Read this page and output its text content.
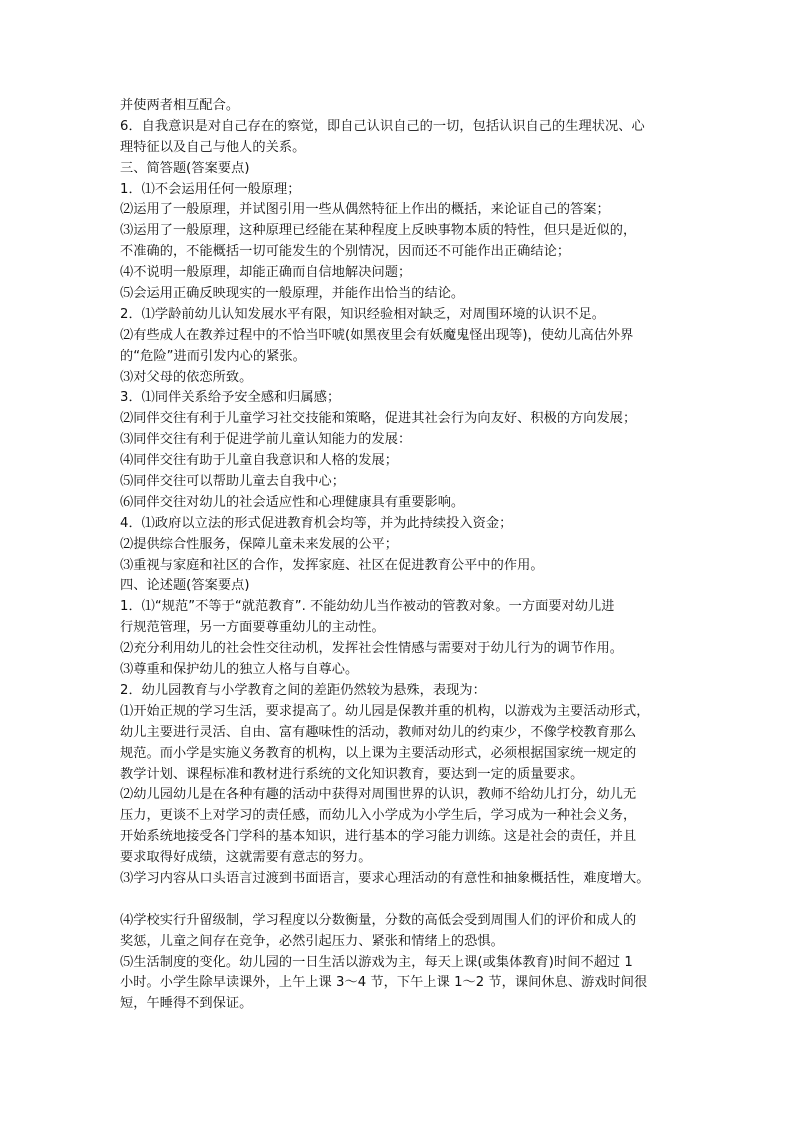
并使两者相互配合。
6．自我意识是对自己存在的察觉，即自己认识自己的一切，包括认识自己的生理状况、心
理特征以及自己与他人的关系。
三、简答题(答案要点)
1．⑴不会运用任何一般原理；
⑵运用了一般原理，并试图引用一些从偶然特征上作出的概括，来论证自己的答案；
⑶运用了一般原理，这种原理已经能在某种程度上反映事物本质的特性，但只是近似的，
不准确的，不能概括一切可能发生的个别情况，因而还不可能作出正确结论；
⑷不说明一般原理，却能正确而自信地解决问题；
⑸会运用正确反映现实的一般原理，并能作出恰当的结论。
2．⑴学龄前幼儿认知发展水平有限，知识经验相对缺乏，对周围环境的认识不足。
⑵有些成人在教养过程中的不恰当吓唬(如黑夜里会有妖魔鬼怪出现等)，使幼儿高估外界
的“危险”进而引发内心的紧张。
⑶对父母的依恋所致。
3．⑴同伴关系给予安全感和归属感；
⑵同伴交往有利于儿童学习社交技能和策略，促进其社会行为向友好、积极的方向发展；
⑶同伴交往有利于促进学前儿童认知能力的发展：
⑷同伴交往有助于儿童自我意识和人格的发展；
⑸同伴交往可以帮助儿童去自我中心；
⑹同伴交往对幼儿的社会适应性和心理健康具有重要影响。
4．⑴政府以立法的形式促进教育机会均等，并为此持续投入资金；
⑵提供综合性服务，保障儿童未来发展的公平；
⑶重视与家庭和社区的合作，发挥家庭、社区在促进教育公平中的作用。
四、论述题(答案要点)
1．⑴“规范”不等于“就范教育”. 不能幼幼儿当作被动的管教对象。一方面要对幼儿进
行规范管理，另一方面要尊重幼儿的主动性。
⑵充分利用幼儿的社会性交往动机，发挥社会性情感与需要对于幼儿行为的调节作用。
⑶尊重和保护幼儿的独立人格与自尊心。
2．幼儿园教育与小学教育之间的差距仍然较为悬殊，表现为：
⑴开始正规的学习生活，要求提高了。幼儿园是保教并重的机构，以游戏为主要活动形式，
幼儿主要进行灵活、自由、富有趣味性的活动，教师对幼儿的约束少，不像学校教育那么
规范。而小学是实施义务教育的机构，以上课为主要活动形式，必须根据国家统一规定的
教学计划、课程标准和教材进行系统的文化知识教育，要达到一定的质量要求。
⑵幼儿园幼儿是在各种有趣的活动中获得对周围世界的认识，教师不给幼儿打分，幼儿无
压力，更谈不上对学习的责任感，而幼儿入小学成为小学生后，学习成为一种社会义务，
开始系统地接受各门学科的基本知识，进行基本的学习能力训练。这是社会的责任，并且
要求取得好成绩，这就需要有意志的努力。
⑶学习内容从口头语言过渡到书面语言，要求心理活动的有意性和抽象概括性，难度增大。
⑷学校实行升留级制，学习程度以分数衡量，分数的高低会受到周围人们的评价和成人的
奖惩，儿童之间存在竞争，必然引起压力、紧张和情绪上的恐惧。
⑸生活制度的变化。幼儿园的一日生活以游戏为主，每天上课(或集体教育)时间不超过 1
小时。小学生除早读课外，上午上课 3～4 节，下午上课 1～2 节，课间休息、游戏时间很
短，午睡得不到保证。
